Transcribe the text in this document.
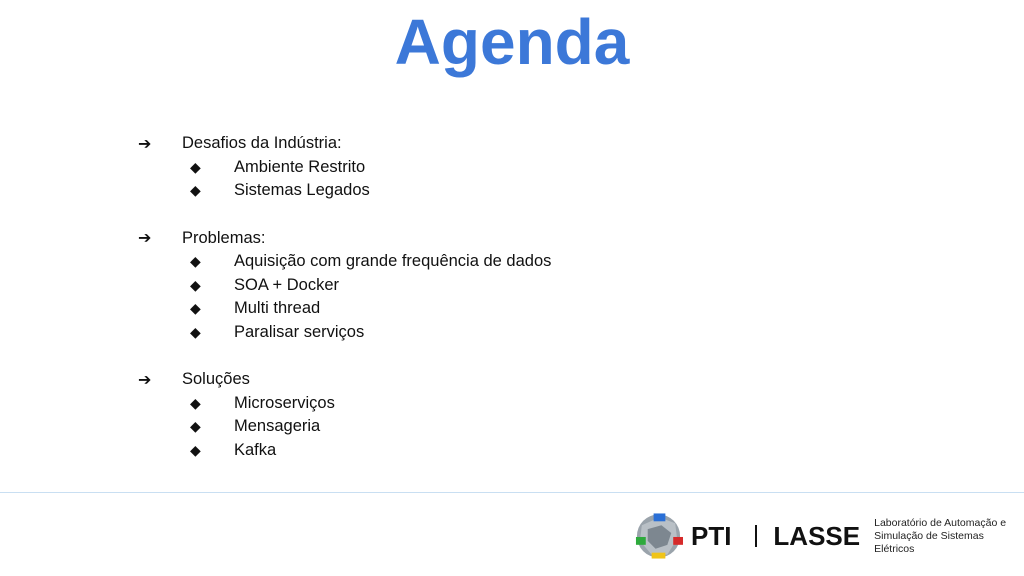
Agenda
➔	Desafios da Indústria:
◆	Ambiente Restrito
◆	Sistemas Legados
➔	Problemas:
◆	Aquisição com grande frequência de dados
◆	SOA + Docker
◆	Multi thread
◆	Paralisar serviços
➔	Soluções
◆	Microserviços
◆	Mensageria
◆	Kafka
PTI LASSE Laboratório de Automação e
Simulação de Sistemas Elétricos
